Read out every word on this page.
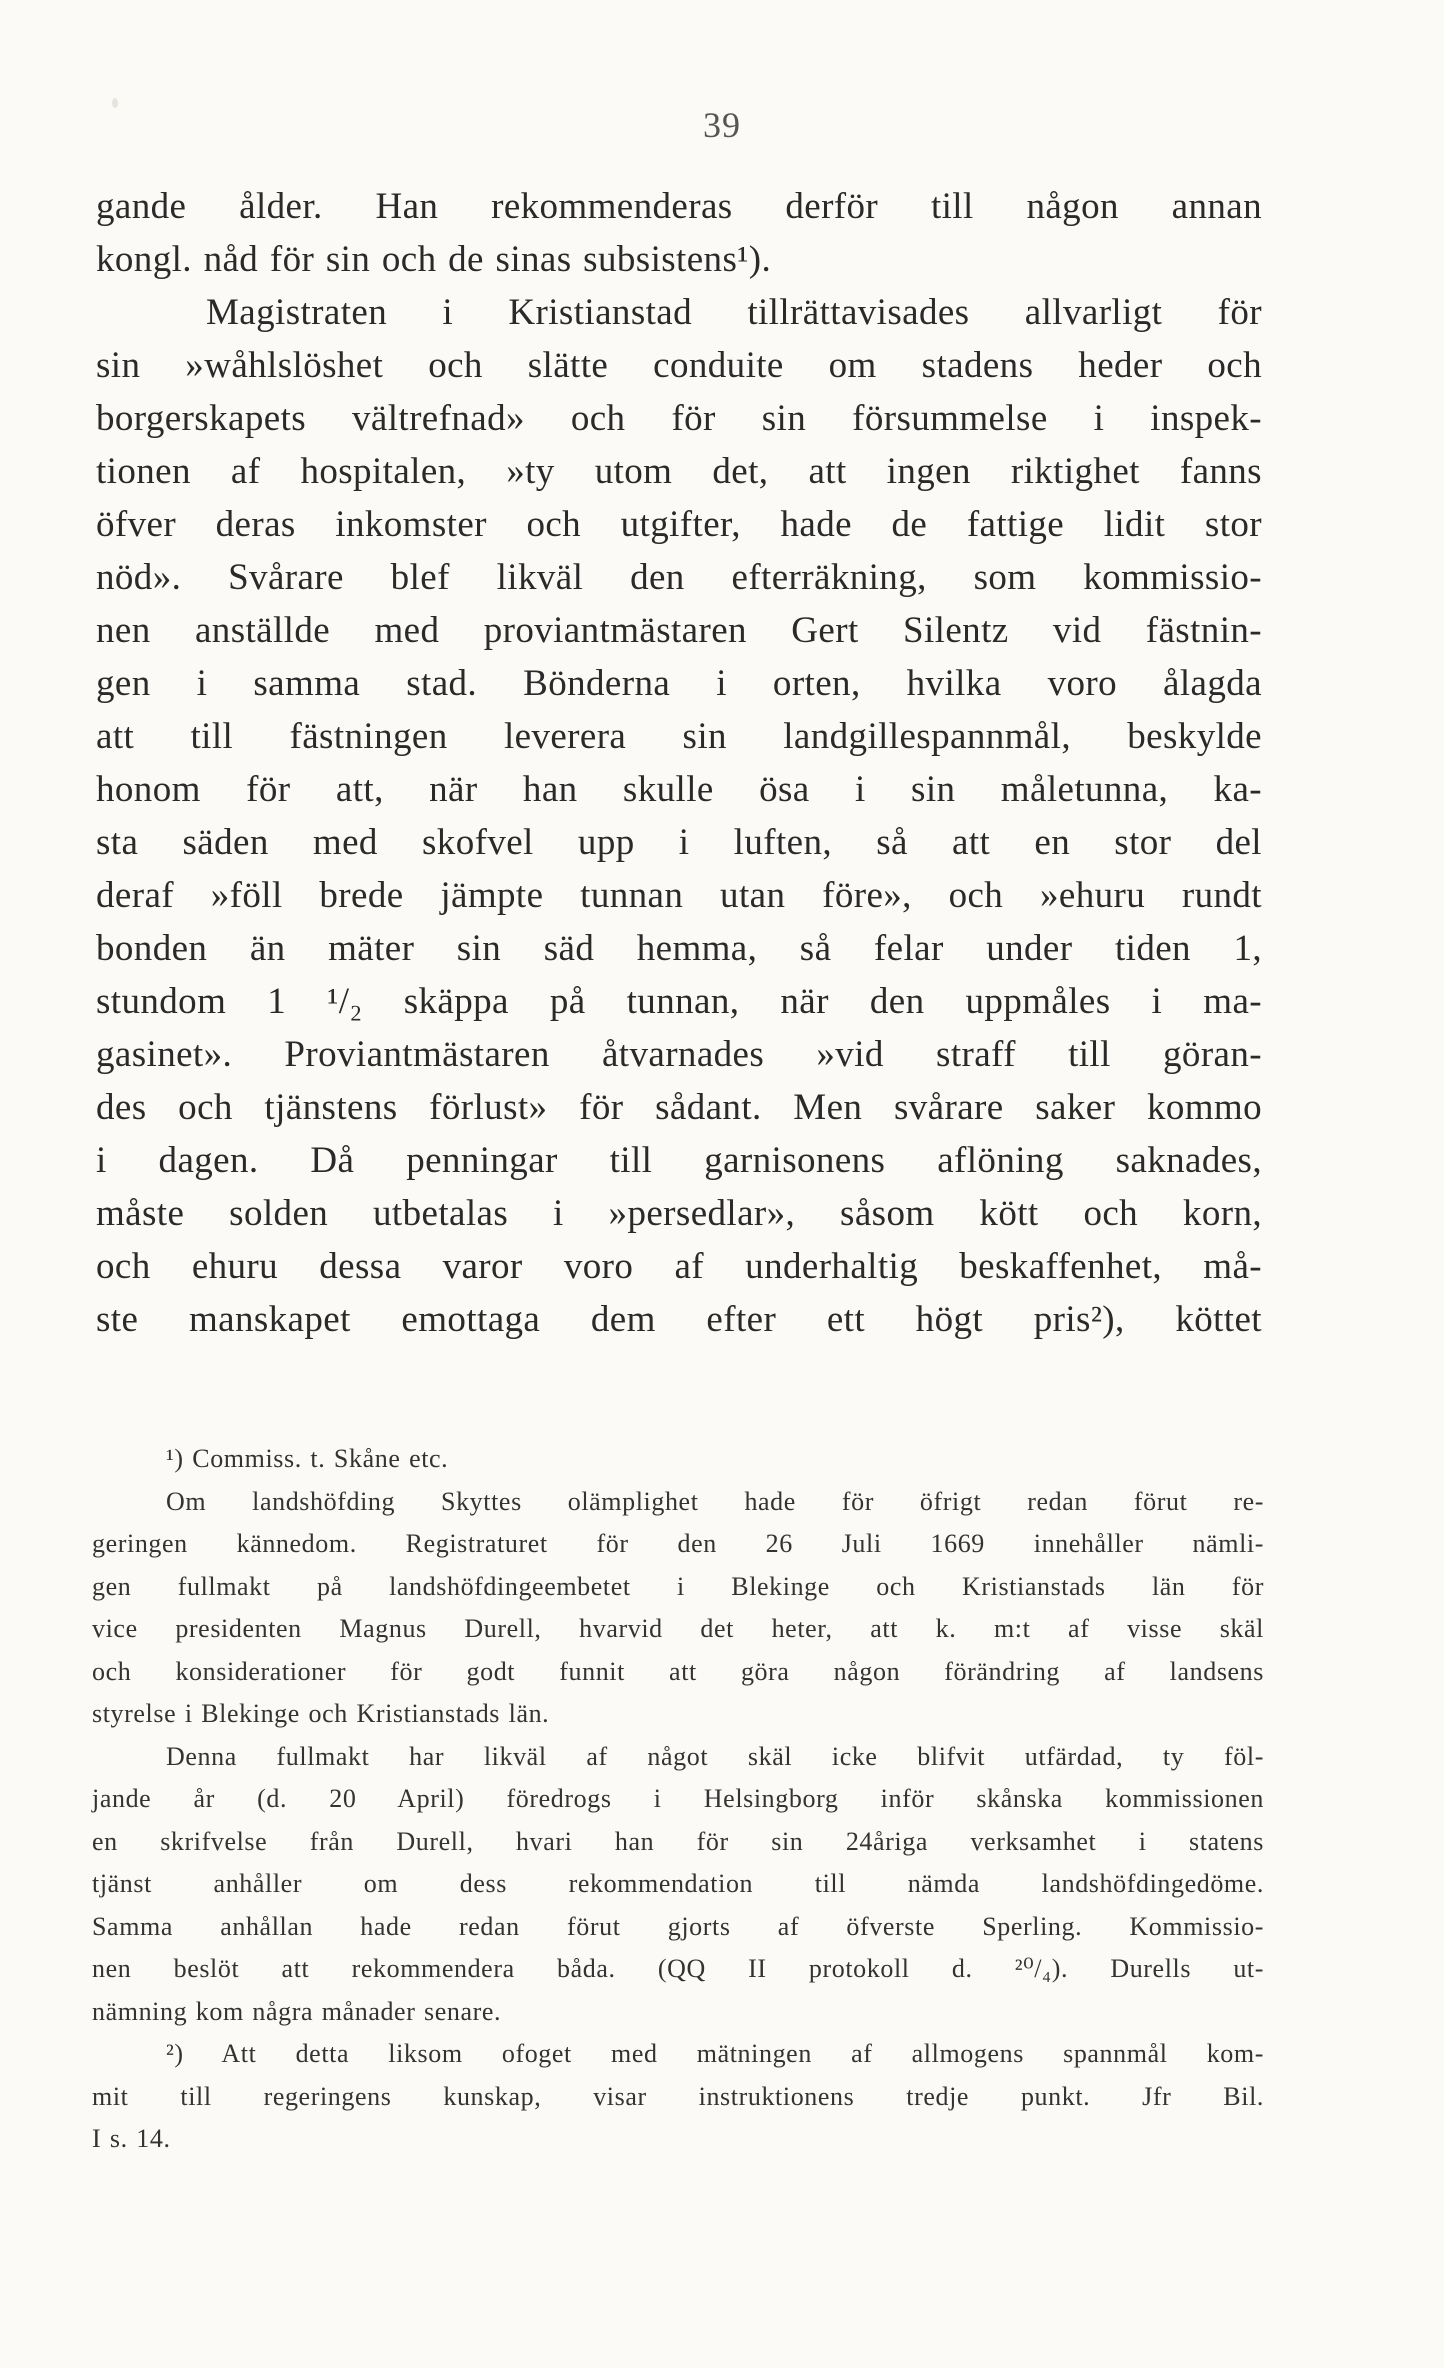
39
gande ålder. Han rekommenderas derför till någon annan
kongl. nåd för sin och de sinas subsistens¹).
Magistraten i Kristianstad tillrättavisades allvarligt för
sin »wåhlslöshet och slätte conduite om stadens heder och
borgerskapets vältrefnad» och för sin försummelse i inspek-
tionen af hospitalen, »ty utom det, att ingen riktighet fanns
öfver deras inkomster och utgifter, hade de fattige lidit stor
nöd». Svårare blef likväl den efterräkning, som kommissio-
nen anställde med proviantmästaren Gert Silentz vid fästnin-
gen i samma stad. Bönderna i orten, hvilka voro ålagda
att till fästningen leverera sin landgillespannmål, beskylde
honom för att, när han skulle ösa i sin måletunna, ka-
sta säden med skofvel upp i luften, så att en stor del
deraf »föll brede jämpte tunnan utan före», och »ehuru rundt
bonden än mäter sin säd hemma, så felar under tiden 1,
stundom 1 ¹/₂ skäppa på tunnan, när den uppmåles i ma-
gasinet». Proviantmästaren åtvarnades »vid straff till göran-
des och tjänstens förlust» för sådant. Men svårare saker kommo
i dagen. Då penningar till garnisonens aflöning saknades,
måste solden utbetalas i »persedlar», såsom kött och korn,
och ehuru dessa varor voro af underhaltig beskaffenhet, må-
ste manskapet emottaga dem efter ett högt pris²), köttet
¹) Commiss. t. Skåne etc.
Om landshöfding Skyttes olämplighet hade för öfrigt redan förut re-
geringen kännedom. Registraturet för den 26 Juli 1669 innehåller nämli-
gen fullmakt på landshöfdingeembetet i Blekinge och Kristianstads län för
vice presidenten Magnus Durell, hvarvid det heter, att k. m:t af visse skäl
och konsiderationer för godt funnit att göra någon förändring af landsens
styrelse i Blekinge och Kristianstads län.
Denna fullmakt har likväl af något skäl icke blifvit utfärdad, ty föl-
jande år (d. 20 April) föredrogs i Helsingborg inför skånska kommissionen
en skrifvelse från Durell, hvari han för sin 24åriga verksamhet i statens
tjänst anhåller om dess rekommendation till nämda landshöfdingedöme.
Samma anhållan hade redan förut gjorts af öfverste Sperling. Kommissio-
nen beslöt att rekommendera båda. (QQ II protokoll d. ²⁰/₄). Durells ut-
nämning kom några månader senare.
²) Att detta liksom ofoget med mätningen af allmogens spannmål kom-
mit till regeringens kunskap, visar instruktionens tredje punkt. Jfr Bil.
I s. 14.
